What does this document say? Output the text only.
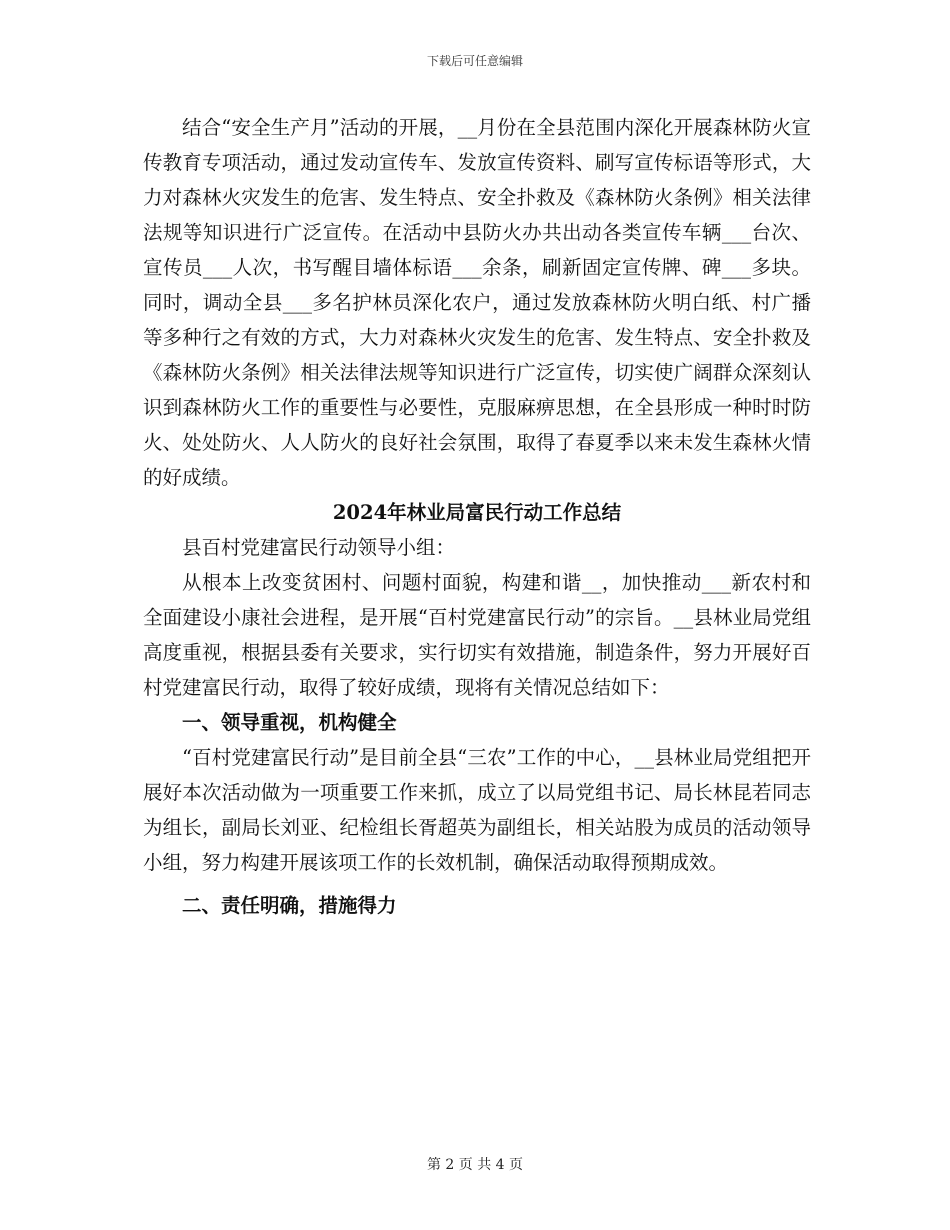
下载后可任意编辑

结合“安全生产月”活动的开展，__月份在全县范围内深化开展森林防火宣传教育专项活动，通过发动宣传车、发放宣传资料、刷写宣传标语等形式，大力对森林火灾发生的危害、发生特点、安全扑救及《森林防火条例》相关法律法规等知识进行广泛宣传。在活动中县防火办共出动各类宣传车辆___台次、宣传员___人次，书写醒目墙体标语___余条，刷新固定宣传牌、碑___多块。同时，调动全县___多名护林员深化农户，通过发放森林防火明白纸、村广播等多种行之有效的方式，大力对森林火灾发生的危害、发生特点、安全扑救及《森林防火条例》相关法律法规等知识进行广泛宣传，切实使广阔群众深刻认识到森林防火工作的重要性与必要性，克服麻痹思想，在全县形成一种时时防火、处处防火、人人防火的良好社会氛围，取得了春夏季以来未发生森林火情的好成绩。

2024年林业局富民行动工作总结

县百村党建富民行动领导小组：

从根本上改变贫困村、问题村面貌，构建和谐__，加快推动___新农村和全面建设小康社会进程，是开展“百村党建富民行动”的宗旨。__县林业局党组高度重视，根据县委有关要求，实行切实有效措施，制造条件，努力开展好百村党建富民行动，取得了较好成绩，现将有关情况总结如下：

一、领导重视，机构健全

“百村党建富民行动”是目前全县“三农”工作的中心，__县林业局党组把开展好本次活动做为一项重要工作来抓，成立了以局党组书记、局长林昆若同志为组长，副局长刘亚、纪检组长胥超英为副组长，相关站股为成员的活动领导小组，努力构建开展该项工作的长效机制，确保活动取得预期成效。

二、责任明确，措施得力

第 2 页 共 4 页
